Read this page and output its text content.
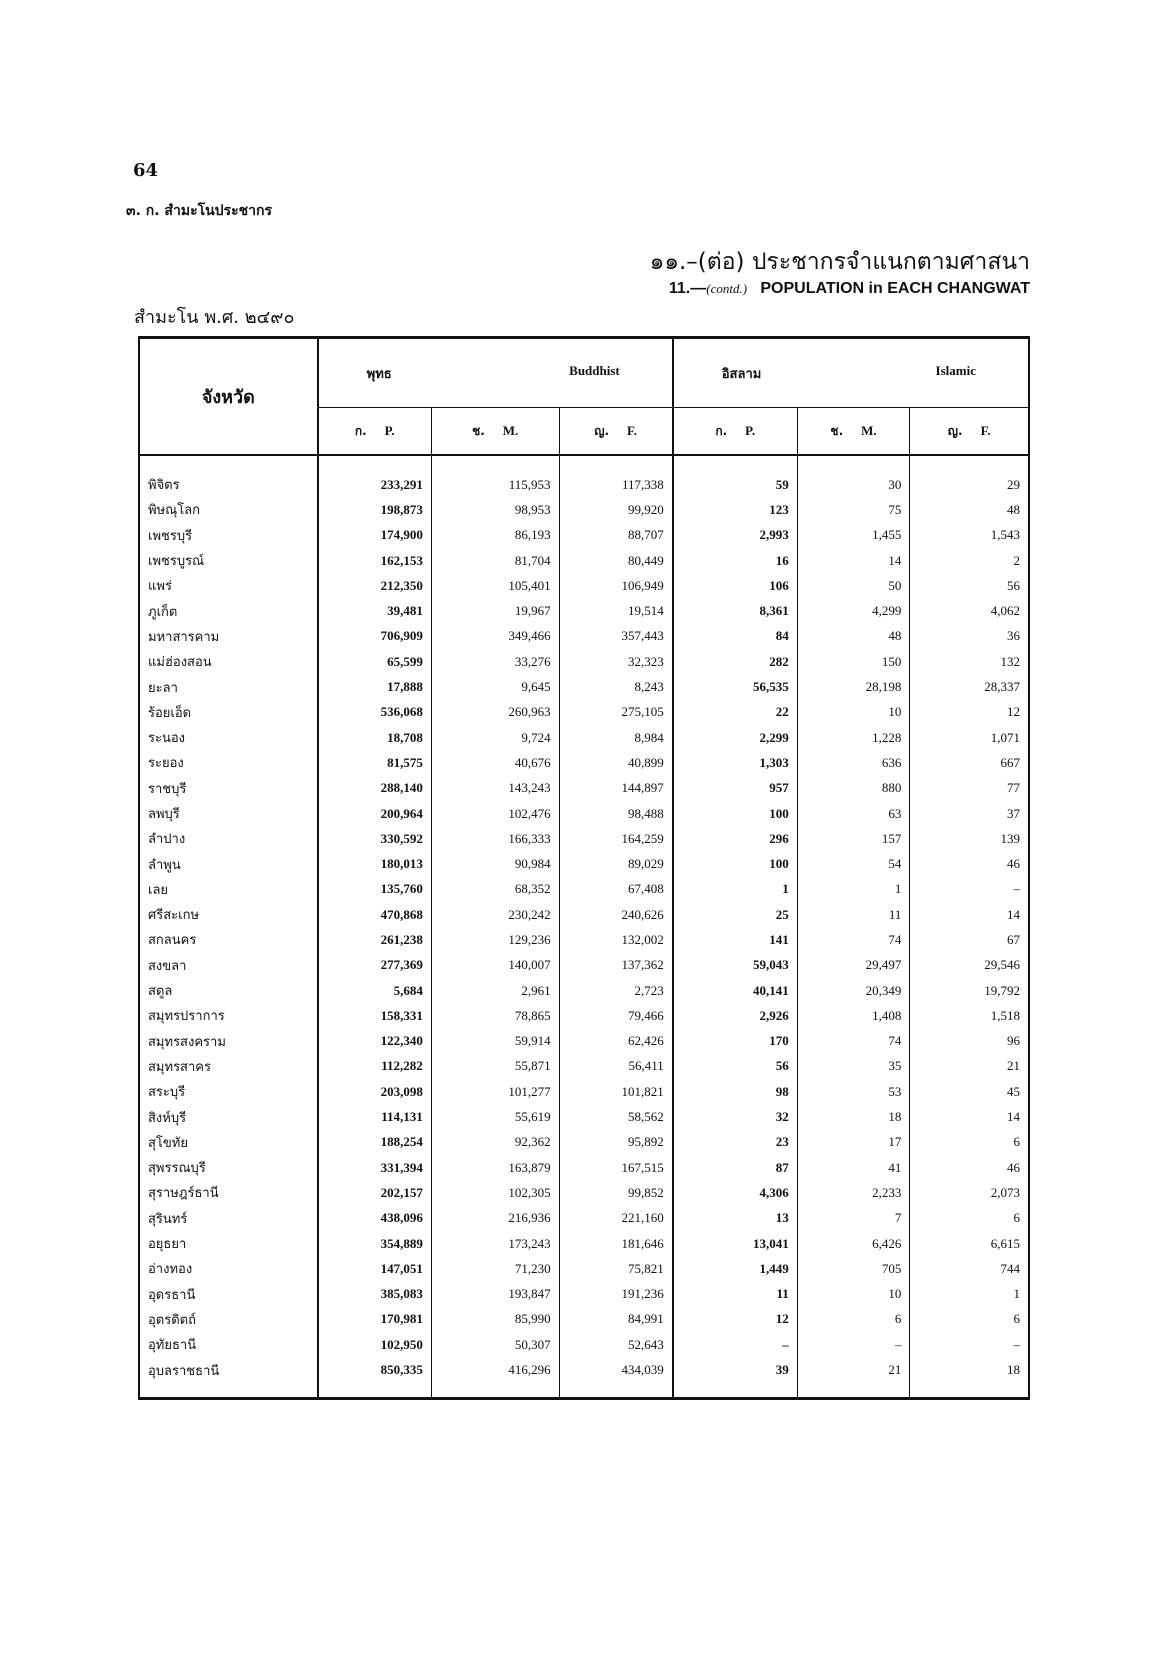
64
๓. ก. สำมะโนประชากร
๑๑.–(ต่อ) ประชากรจำแนกตามศาสนา
11.—(contd.) POPULATION in EACH CHANGWAT
สำมะโน พ.ศ. ๒๔๙๐
จังหวัด	พุทธ Buddhist			อิสลาม Islamic		

	ก. P.	ช. M.	ญ. F.	ก. P.	ช. M.	ญ. F.
พิจิตร	233,291	115,953	117,338	59	30	29
พิษณุโลก	198,873	98,953	99,920	123	75	48
เพชรบุรี	174,900	86,193	88,707	2,993	1,455	1,543
เพชรบูรณ์	162,153	81,704	80,449	16	14	2
แพร่	212,350	105,401	106,949	106	50	56
ภูเก็ต	39,481	19,967	19,514	8,361	4,299	4,062
มหาสารคาม	706,909	349,466	357,443	84	48	36
แม่ฮ่องสอน	65,599	33,276	32,323	282	150	132
ยะลา	17,888	9,645	8,243	56,535	28,198	28,337
ร้อยเอ็ด	536,068	260,963	275,105	22	10	12
ระนอง	18,708	9,724	8,984	2,299	1,228	1,071
ระยอง	81,575	40,676	40,899	1,303	636	667
ราชบุรี	288,140	143,243	144,897	957	880	77
ลพบุรี	200,964	102,476	98,488	100	63	37
ลำปาง	330,592	166,333	164,259	296	157	139
ลำพูน	180,013	90,984	89,029	100	54	46
เลย	135,760	68,352	67,408	1	1	–
ศรีสะเกษ	470,868	230,242	240,626	25	11	14
สกลนคร	261,238	129,236	132,002	141	74	67
สงขลา	277,369	140,007	137,362	59,043	29,497	29,546
สตูล	5,684	2,961	2,723	40,141	20,349	19,792
สมุทรปราการ	158,331	78,865	79,466	2,926	1,408	1,518
สมุทรสงคราม	122,340	59,914	62,426	170	74	96
สมุทรสาคร	112,282	55,871	56,411	56	35	21
สระบุรี	203,098	101,277	101,821	98	53	45
สิงห์บุรี	114,131	55,619	58,562	32	18	14
สุโขทัย	188,254	92,362	95,892	23	17	6
สุพรรณบุรี	331,394	163,879	167,515	87	41	46
สุราษฎร์ธานี	202,157	102,305	99,852	4,306	2,233	2,073
สุรินทร์	438,096	216,936	221,160	13	7	6
อยุธยา	354,889	173,243	181,646	13,041	6,426	6,615
อ่างทอง	147,051	71,230	75,821	1,449	705	744
อุดรธานี	385,083	193,847	191,236	11	10	1
อุตรดิตถ์	170,981	85,990	84,991	12	6	6
อุทัยธานี	102,950	50,307	52,643	–	–	–
อุบลราชธานี	850,335	416,296	434,039	39	21	18
